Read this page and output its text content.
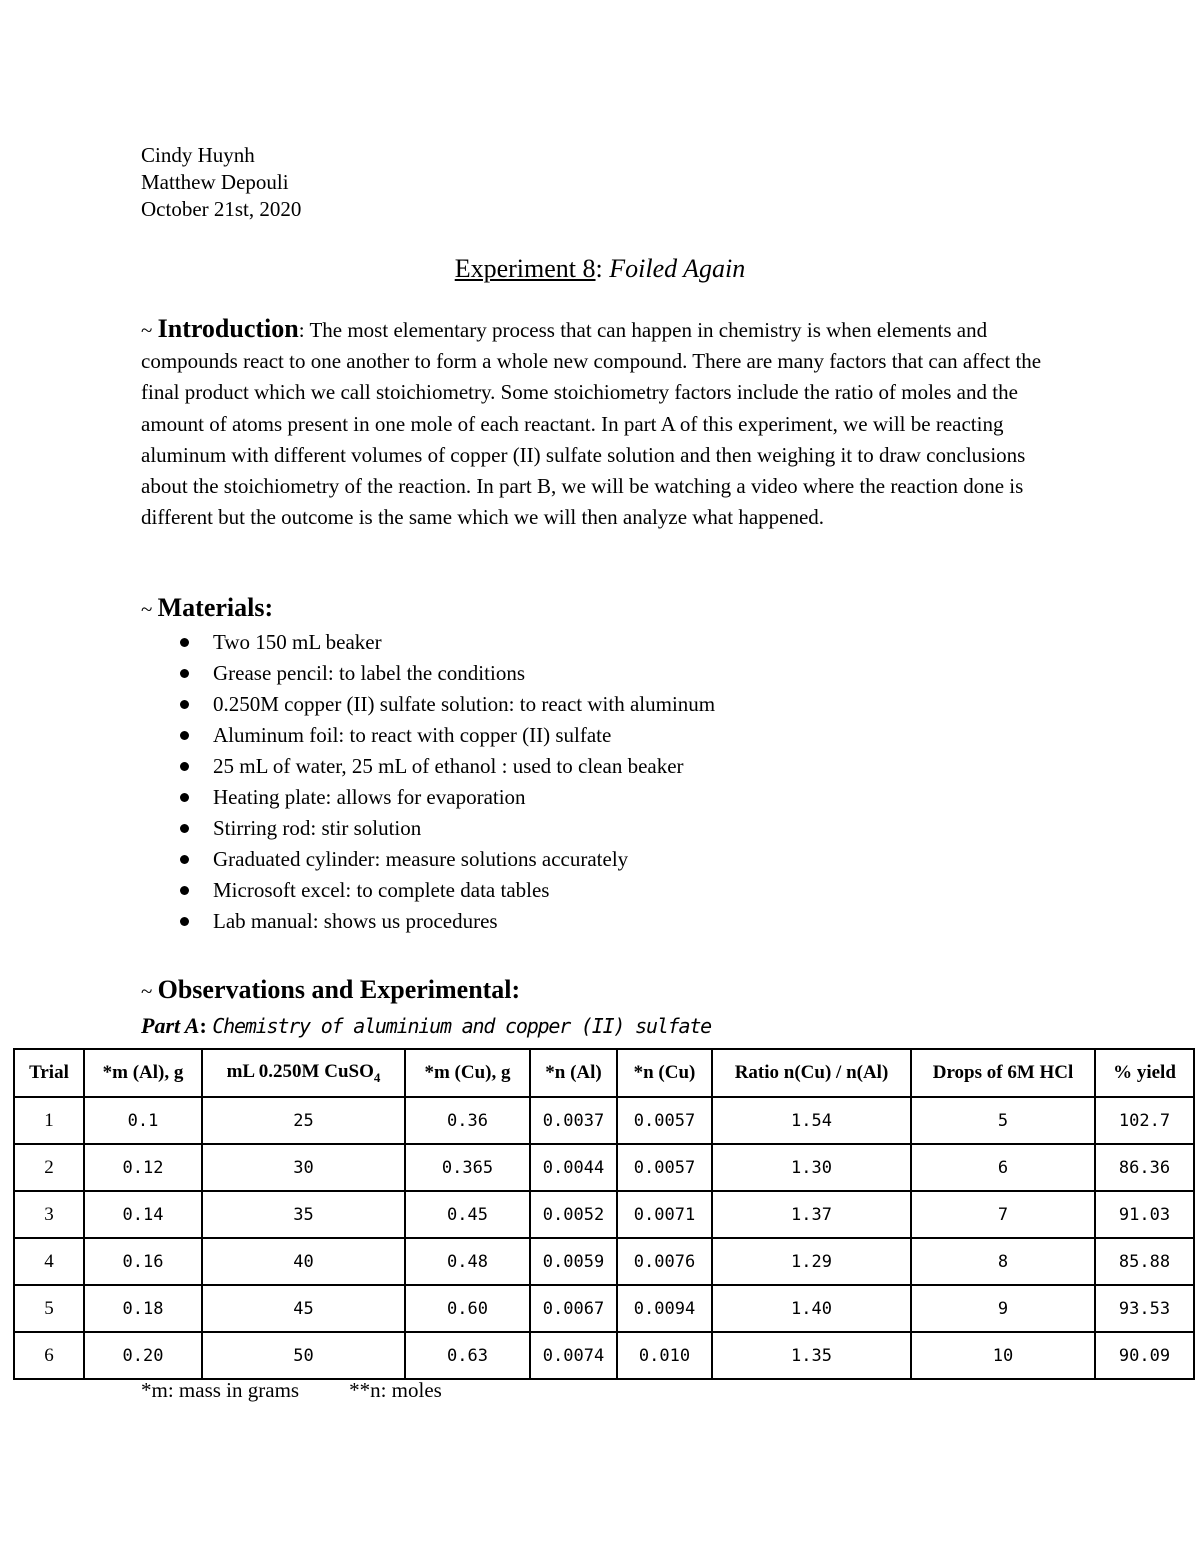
Cindy Huynh
Matthew Depouli
October 21st, 2020
Experiment 8: Foiled Again
~ Introduction: The most elementary process that can happen in chemistry is when elements and compounds react to one another to form a whole new compound. There are many factors that can affect the final product which we call stoichiometry. Some stoichiometry factors include the ratio of moles and the amount of atoms present in one mole of each reactant. In part A of this experiment, we will be reacting aluminum with different volumes of copper (II) sulfate solution and then weighing it to draw conclusions about the stoichiometry of the reaction. In part B, we will be watching a video where the reaction done is different but the outcome is the same which we will then analyze what happened.
~ Materials:
Two 150 mL beaker
Grease pencil: to label the conditions
0.250M copper (II) sulfate solution: to react with aluminum
Aluminum foil: to react with copper (II) sulfate
25 mL of water, 25 mL of ethanol : used to clean beaker
Heating plate: allows for evaporation
Stirring rod: stir solution
Graduated cylinder: measure solutions accurately
Microsoft excel: to complete data tables
Lab manual: shows us procedures
~ Observations and Experimental:
Part A: Chemistry of aluminium and copper (II) sulfate
Trial	*m (Al), g	mL 0.250M CuSO$_4$	*m (Cu), g	*n (Al)	*n (Cu)	Ratio n(Cu) / n(Al)	Drops of 6M HCl	% yield
1	0.1	25	0.36	0.0037	0.0057	1.54	5	102.7
2	0.12	30	0.365	0.0044	0.0057	1.30	6	86.36
3	0.14	35	0.45	0.0052	0.0071	1.37	7	91.03
4	0.16	40	0.48	0.0059	0.0076	1.29	8	85.88
5	0.18	45	0.60	0.0067	0.0094	1.40	9	93.53
6	0.20	50	0.63	0.0074	0.010	1.35	10	90.09
*m: mass in grams **n: moles
